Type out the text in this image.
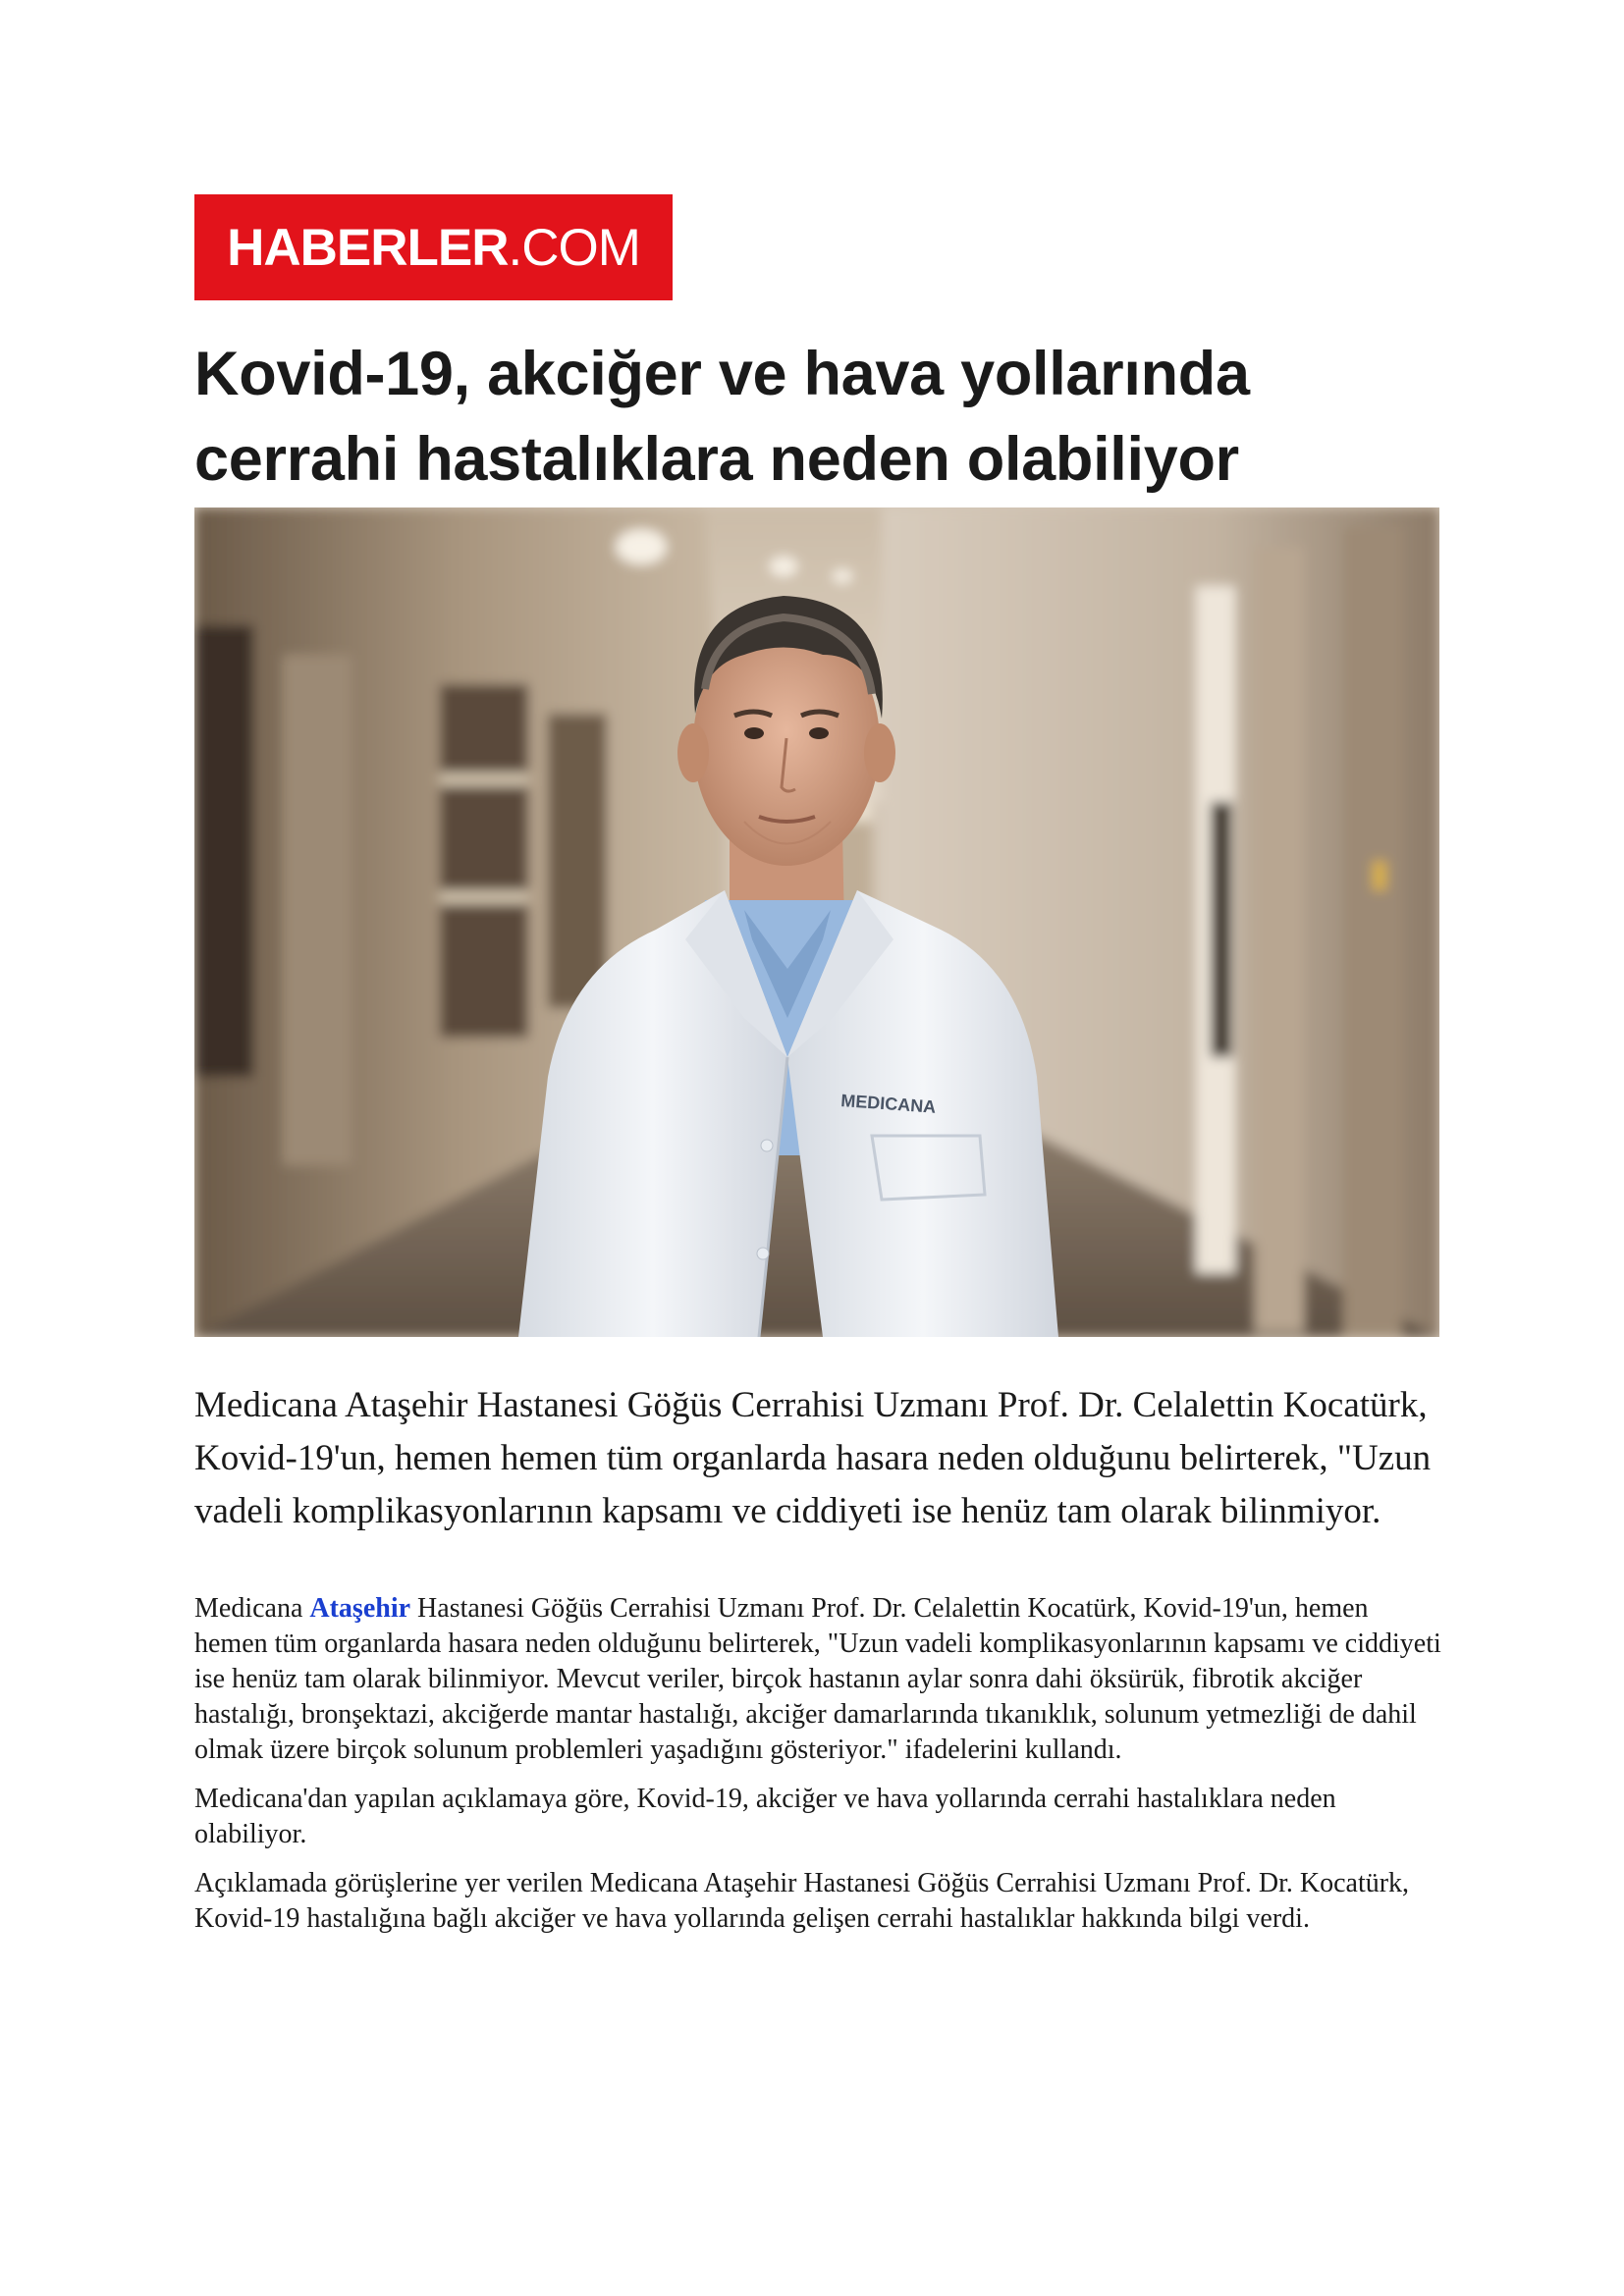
HABERLER.COM
Kovid-19, akciğer ve hava yollarında cerrahi hastalıklara neden olabiliyor
MEDICANA

Medicana Ataşehir Hastanesi Göğüs Cerrahisi Uzmanı Prof. Dr. Celalettin Kocatürk, Kovid-19'un, hemen hemen tüm organlarda hasara neden olduğunu belirterek, "Uzun vadeli komplikasyonlarının kapsamı ve ciddiyeti ise henüz tam olarak bilinmiyor.

Medicana Ataşehir Hastanesi Göğüs Cerrahisi Uzmanı Prof. Dr. Celalettin Kocatürk, Kovid-19'un, hemen hemen tüm organlarda hasara neden olduğunu belirterek, "Uzun vadeli komplikasyonlarının kapsamı ve ciddiyeti ise henüz tam olarak bilinmiyor. Mevcut veriler, birçok hastanın aylar sonra dahi öksürük, fibrotik akciğer hastalığı, bronşektazi, akciğerde mantar hastalığı, akciğer damarlarında tıkanıklık, solunum yetmezliği de dahil olmak üzere birçok solunum problemleri yaşadığını gösteriyor." ifadelerini kullandı.

Medicana'dan yapılan açıklamaya göre, Kovid-19, akciğer ve hava yollarında cerrahi hastalıklara neden olabiliyor.

Açıklamada görüşlerine yer verilen Medicana Ataşehir Hastanesi Göğüs Cerrahisi Uzmanı Prof. Dr. Kocatürk, Kovid-19 hastalığına bağlı akciğer ve hava yollarında gelişen cerrahi hastalıklar hakkında bilgi verdi.
